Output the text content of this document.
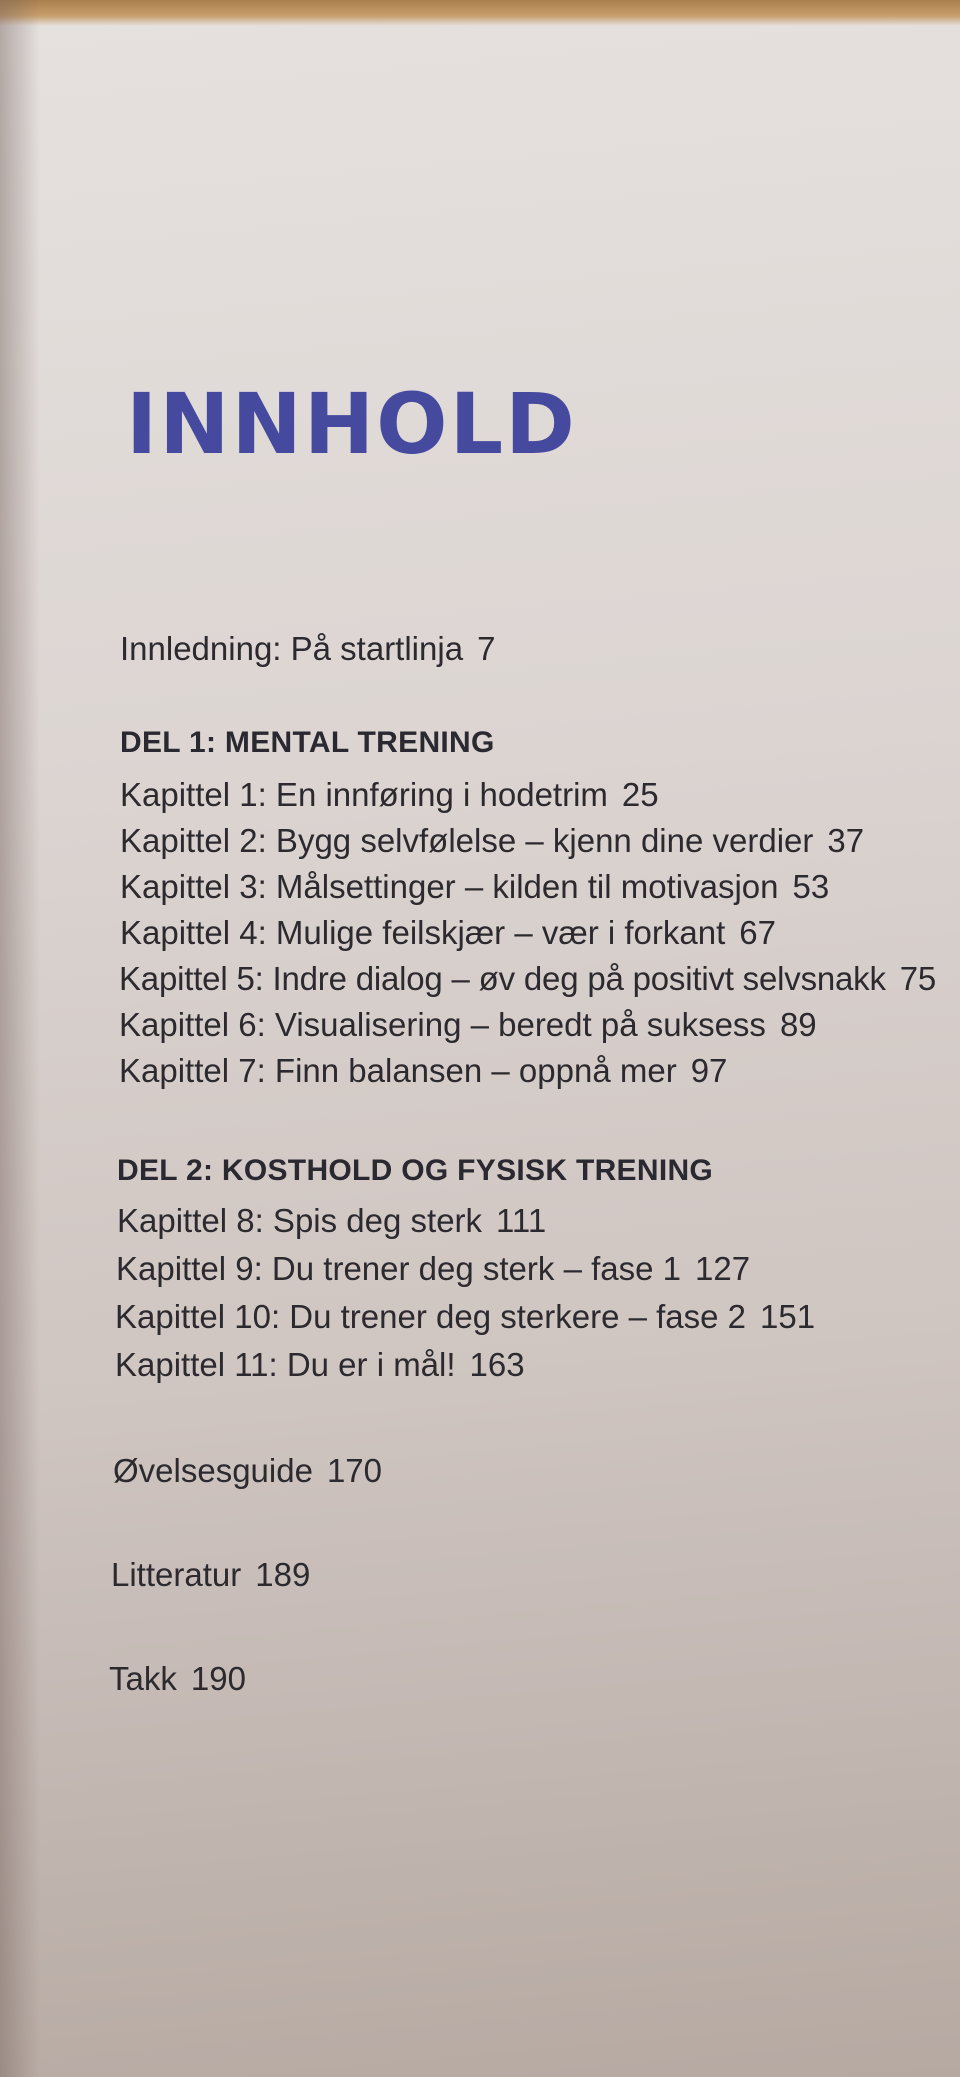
INNHOLD
Innledning: På startlinja 7
DEL 1: MENTAL TRENING
Kapittel 1: En innføring i hodetrim 25
Kapittel 2: Bygg selvfølelse – kjenn dine verdier 37
Kapittel 3: Målsettinger – kilden til motivasjon 53
Kapittel 4: Mulige feilskjær – vær i forkant 67
Kapittel 5: Indre dialog – øv deg på positivt selvsnakk 75
Kapittel 6: Visualisering – beredt på suksess 89
Kapittel 7: Finn balansen – oppnå mer 97
DEL 2: KOSTHOLD OG FYSISK TRENING
Kapittel 8: Spis deg sterk 111
Kapittel 9: Du trener deg sterk – fase 1 127
Kapittel 10: Du trener deg sterkere – fase 2 151
Kapittel 11: Du er i mål! 163
Øvelsesguide 170
Litteratur 189
Takk 190
